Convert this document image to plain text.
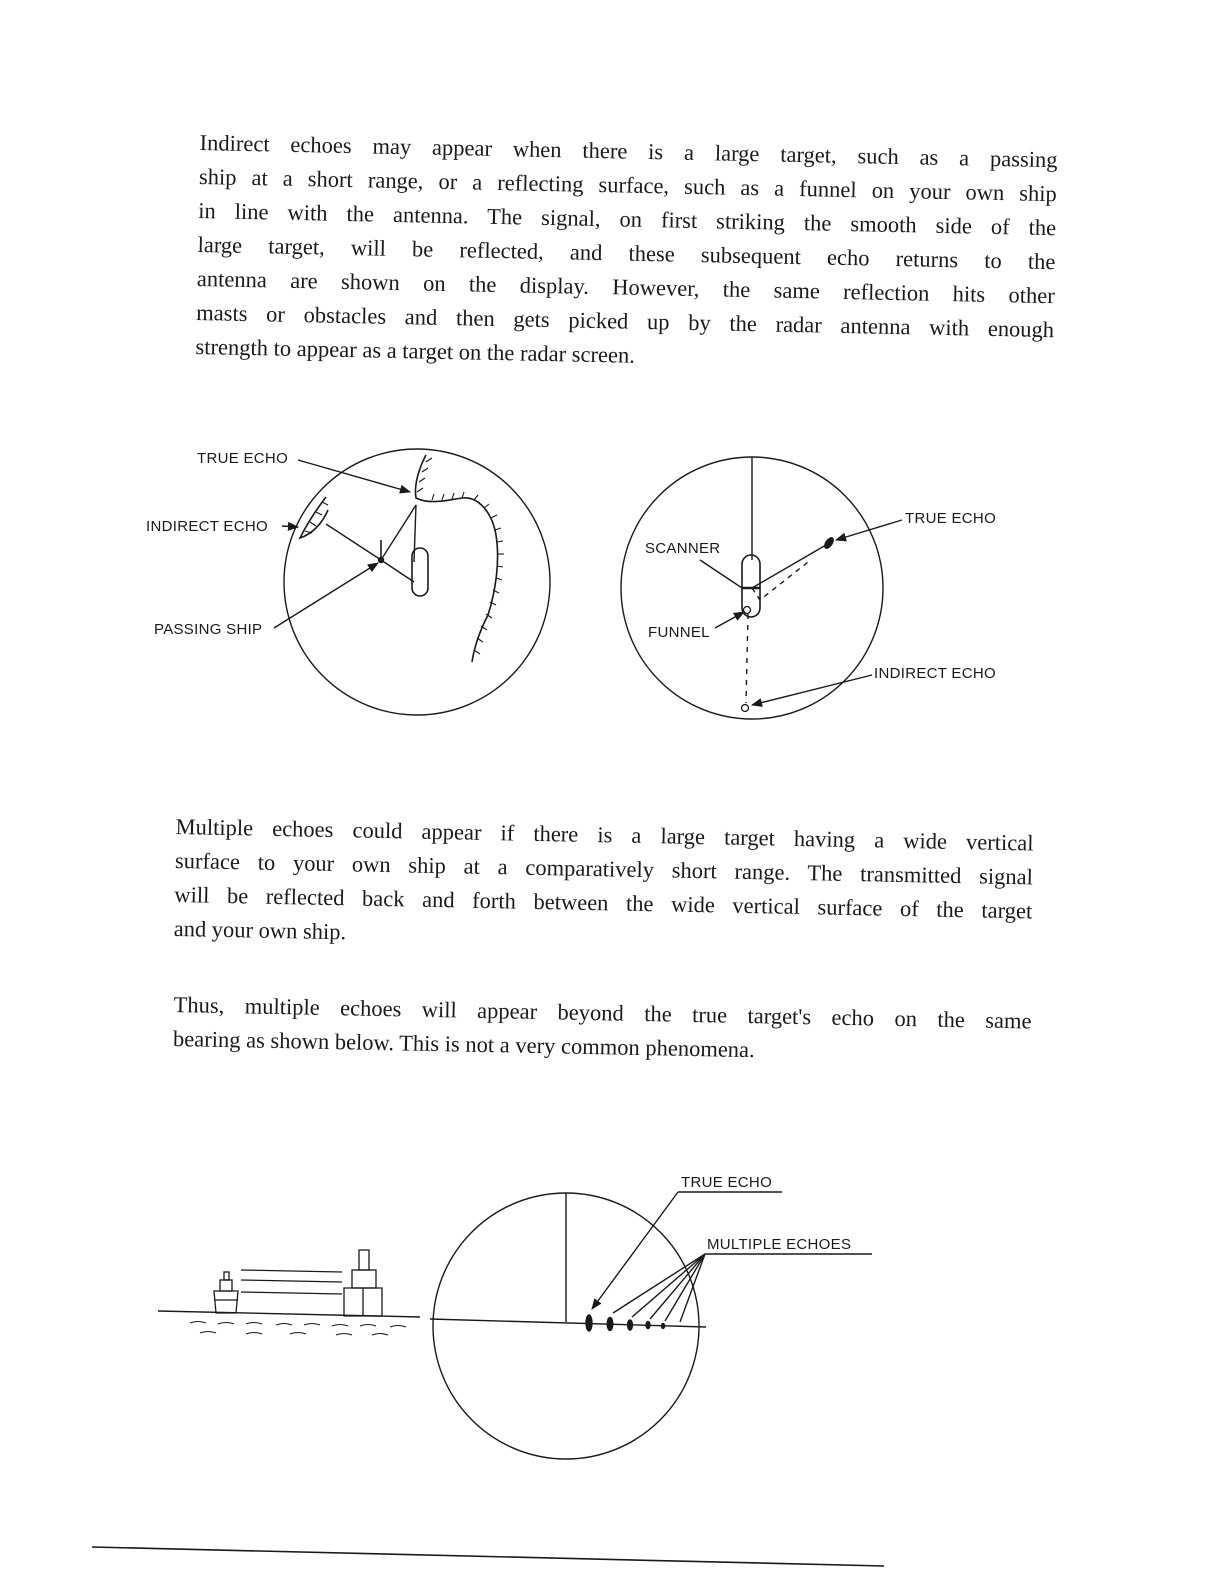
Indirect echoes may appear when there is a large target, such as a passing
ship at a short range, or a reflecting surface, such as a funnel on your own ship
in line with the antenna. The signal, on first striking the smooth side of the
large target, will be reflected, and these subsequent echo returns to the
antenna are shown on the display. However, the same reflection hits other
masts or obstacles and then gets picked up by the radar antenna with enough
strength to appear as a target on the radar screen.
TRUE ECHO
INDIRECT ECHO
PASSING SHIP
TRUE ECHO
SCANNER
FUNNEL
INDIRECT ECHO
TRUE ECHO
MULTIPLE ECHOES
Multiple echoes could appear if there is a large target having a wide vertical
surface to your own ship at a comparatively short range. The transmitted signal
will be reflected back and forth between the wide vertical surface of the target
and your own ship.
Thus, multiple echoes will appear beyond the true target's echo on the same
bearing as shown below. This is not a very common phenomena.
